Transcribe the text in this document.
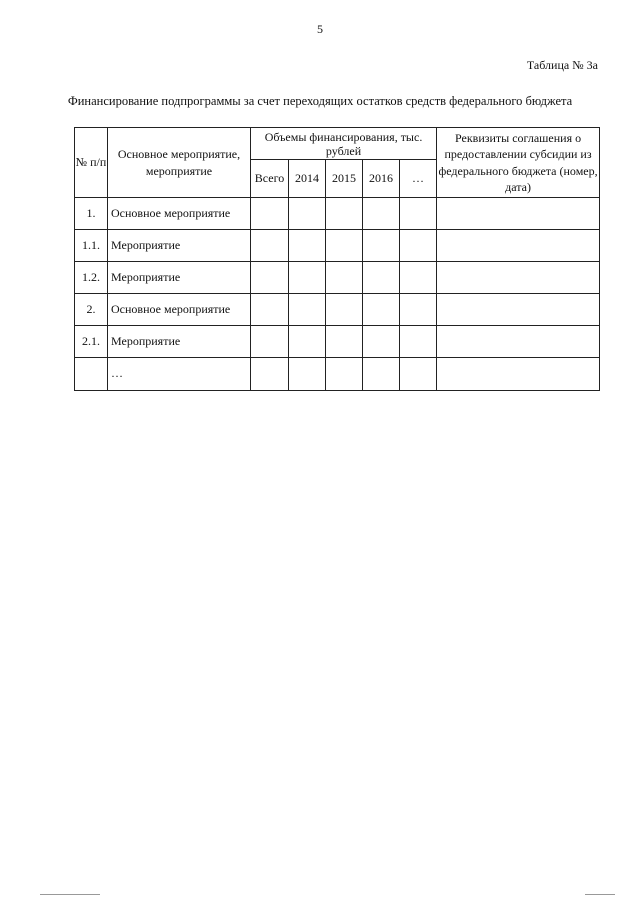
5
Таблица № 3а
Финансирование подпрограммы за счет переходящих остатков средств федерального бюджета
№ п/п	Основное мероприятие, мероприятие	Объемы финансирования, тыс. рублей					Реквизиты соглашения о предоставлении субсидии из федерального бюджета (номер, дата)
		Всего	2014	2015	2016	…	
1.	Основное мероприятие						
1.1.	Мероприятие						
1.2.	Мероприятие						
2.	Основное мероприятие						
2.1.	Мероприятие						
	…						
